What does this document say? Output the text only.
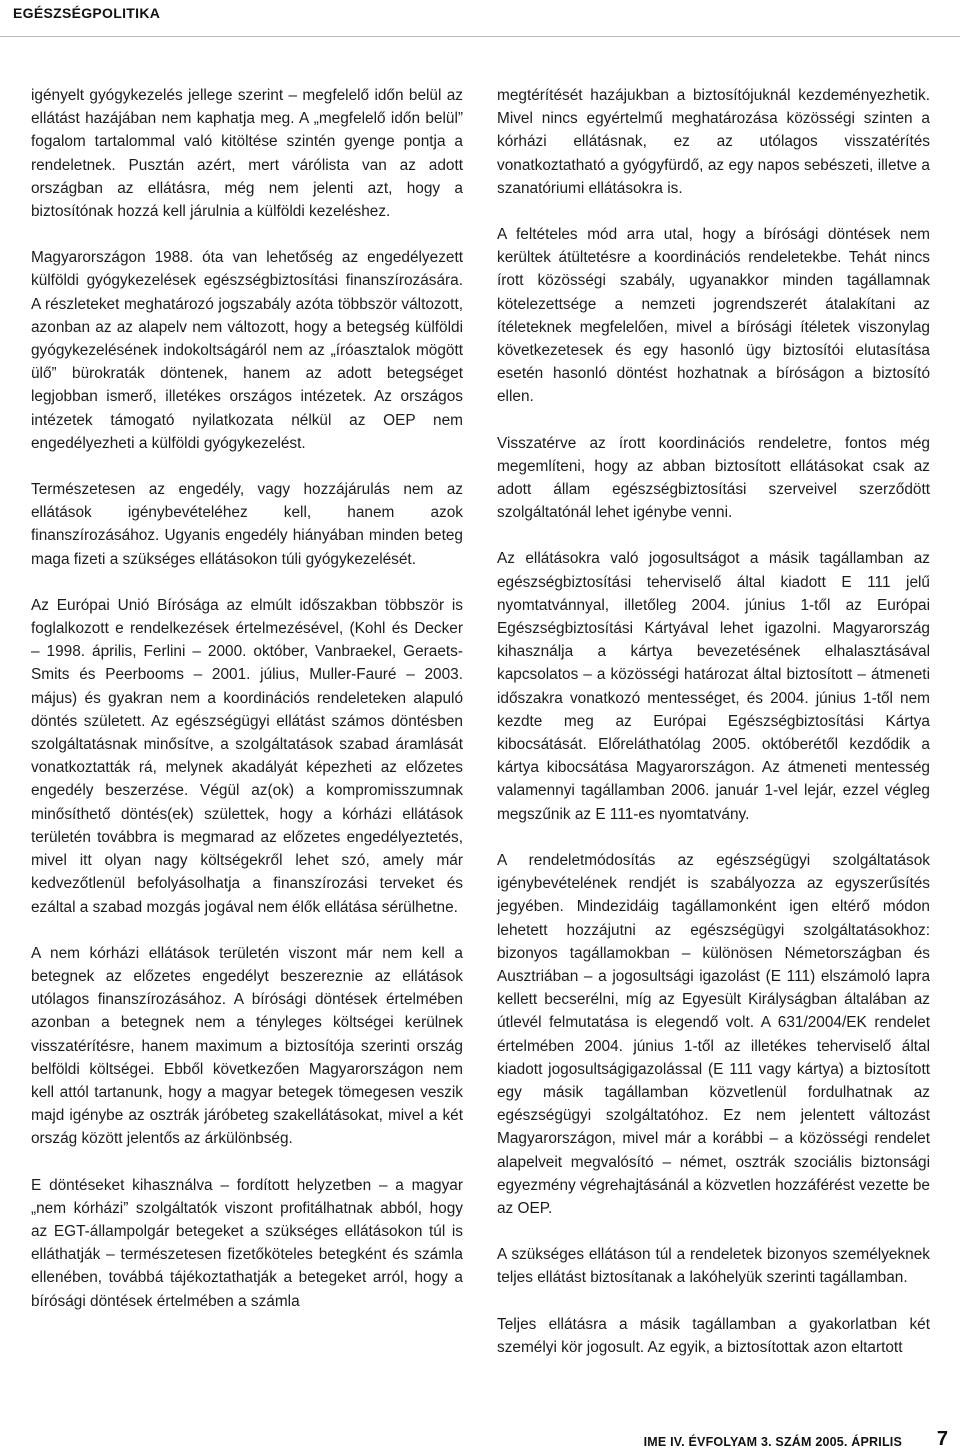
EGÉSZSÉGPOLITIKA

igényelt gyógykezelés jellege szerint – megfelelő időn belül az ellátást hazájában nem kaphatja meg. A „megfelelő időn belül” fogalom tartalommal való kitöltése szintén gyenge pontja a rendeletnek. Pusztán azért, mert várólista van az adott országban az ellátásra, még nem jelenti azt, hogy a biztosítónak hozzá kell járulnia a külföldi kezeléshez.

Magyarországon 1988. óta van lehetőség az engedélyezett külföldi gyógykezelések egészségbiztosítási finanszírozására. A részleteket meghatározó jogszabály azóta többször változott, azonban az az alapelv nem változott, hogy a betegség külföldi gyógykezelésének indokoltságáról nem az „íróasztalok mögött ülő” bürokraták döntenek, hanem az adott betegséget legjobban ismerő, illetékes országos intézetek. Az országos intézetek támogató nyilatkozata nélkül az OEP nem engedélyezheti a külföldi gyógykezelést.

Természetesen az engedély, vagy hozzájárulás nem az ellátások igénybevételéhez kell, hanem azok finanszírozásához. Ugyanis engedély hiányában minden beteg maga fizeti a szükséges ellátásokon túli gyógykezelését.

Az Európai Unió Bírósága az elmúlt időszakban többször is foglalkozott e rendelkezések értelmezésével, (Kohl és Decker – 1998. április, Ferlini – 2000. október, Vanbraekel, Geraets-Smits és Peerbooms – 2001. július, Muller-Fauré – 2003. május) és gyakran nem a koordinációs rendeleteken alapuló döntés született. Az egészségügyi ellátást számos döntésben szolgáltatásnak minősítve, a szolgáltatások szabad áramlását vonatkoztatták rá, melynek akadályát képezheti az előzetes engedély beszerzése. Végül az(ok) a kompromisszumnak minősíthető döntés(ek) születtek, hogy a kórházi ellátások területén továbbra is megmarad az előzetes engedélyeztetés, mivel itt olyan nagy költségekről lehet szó, amely már kedvezőtlenül befolyásolhatja a finanszírozási terveket és ezáltal a szabad mozgás jogával nem élők ellátása sérülhetne.

A nem kórházi ellátások területén viszont már nem kell a betegnek az előzetes engedélyt beszereznie az ellátások utólagos finanszírozásához. A bírósági döntések értelmében azonban a betegnek nem a tényleges költségei kerülnek visszatérítésre, hanem maximum a biztosítója szerinti ország belföldi költségei. Ebből következően Magyarországon nem kell attól tartanunk, hogy a magyar betegek tömegesen veszik majd igénybe az osztrák járóbeteg szakellátásokat, mivel a két ország között jelentős az árkülönbség.

E döntéseket kihasználva – fordított helyzetben – a magyar „nem kórházi” szolgáltatók viszont profitálhatnak abból, hogy az EGT-állampolgár betegeket a szükséges ellátásokon túl is elláthatják – természetesen fizetőköteles betegként és számla ellenében, továbbá tájékoztathatják a betegeket arról, hogy a bírósági döntések értelmében a számla

megtérítését hazájukban a biztosítójuknál kezdeményezhetik. Mivel nincs egyértelmű meghatározása közösségi szinten a kórházi ellátásnak, ez az utólagos visszatérítés vonatkoztatható a gyógyfürdő, az egy napos sebészeti, illetve a szanatóriumi ellátásokra is.

A feltételes mód arra utal, hogy a bírósági döntések nem kerültek átültetésre a koordinációs rendeletekbe. Tehát nincs írott közösségi szabály, ugyanakkor minden tagállamnak kötelezettsége a nemzeti jogrendszerét átalakítani az ítéleteknek megfelelően, mivel a bírósági ítéletek viszonylag következetesek és egy hasonló ügy biztosítói elutasítása esetén hasonló döntést hozhatnak a bíróságon a biztosító ellen.

Visszatérve az írott koordinációs rendeletre, fontos még megemlíteni, hogy az abban biztosított ellátásokat csak az adott állam egészségbiztosítási szerveivel szerződött szolgáltatónál lehet igénybe venni.

Az ellátásokra való jogosultságot a másik tagállamban az egészségbiztosítási teherviselő által kiadott E 111 jelű nyomtatvánnyal, illetőleg 2004. június 1-től az Európai Egészségbiztosítási Kártyával lehet igazolni. Magyarország kihasználja a kártya bevezetésének elhalasztásával kapcsolatos – a közösségi határozat által biztosított – átmeneti időszakra vonatkozó mentességet, és 2004. június 1-től nem kezdte meg az Európai Egészségbiztosítási Kártya kibocsátását. Előreláthatólag 2005. októberétől kezdődik a kártya kibocsátása Magyarországon. Az átmeneti mentesség valamennyi tagállamban 2006. január 1-vel lejár, ezzel végleg megszűnik az E 111-es nyomtatvány.

A rendeletmódosítás az egészségügyi szolgáltatások igénybevételének rendjét is szabályozza az egyszerűsítés jegyében. Mindezidáig tagállamonként igen eltérő módon lehetett hozzájutni az egészségügyi szolgáltatásokhoz: bizonyos tagállamokban – különösen Németországban és Ausztriában – a jogosultsági igazolást (E 111) elszámoló lapra kellett becserélni, míg az Egyesült Királyságban általában az útlevél felmutatása is elegendő volt. A 631/2004/EK rendelet értelmében 2004. június 1-től az illetékes teherviselő által kiadott jogosultságigazolással (E 111 vagy kártya) a biztosított egy másik tagállamban közvetlenül fordulhatnak az egészségügyi szolgáltatóhoz. Ez nem jelentett változást Magyarországon, mivel már a korábbi – a közösségi rendelet alapelveit megvalósító – német, osztrák szociális biztonsági egyezmény végrehajtásánál a közvetlen hozzáférést vezette be az OEP.

A szükséges ellátáson túl a rendeletek bizonyos személyeknek teljes ellátást biztosítanak a lakóhelyük szerinti tagállamban.

Teljes ellátásra a másik tagállamban a gyakorlatban két személyi kör jogosult. Az egyik, a biztosítottak azon eltartott

IME IV. ÉVFOLYAM 3. SZÁM 2005. ÁPRILIS 7
